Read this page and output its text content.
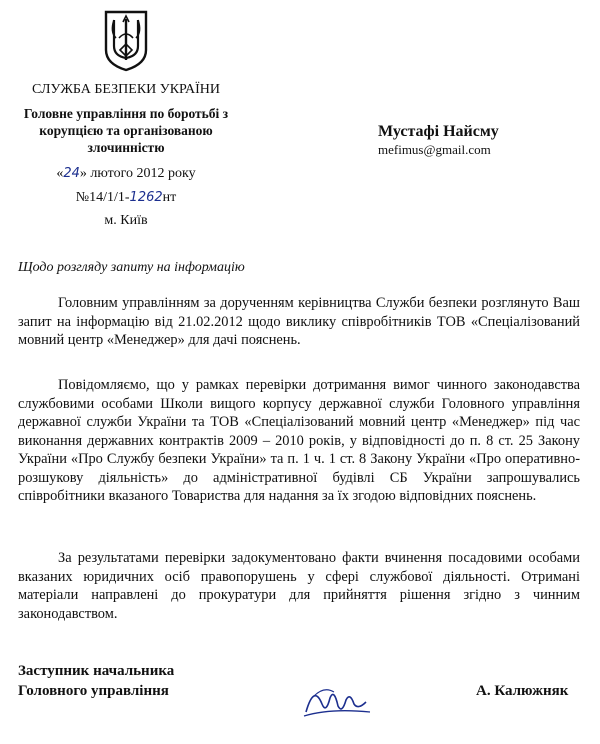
СЛУЖБА БЕЗПЕКИ УКРАЇНИ
Головне управління по боротьбі з
корупцією та організованою
злочинністю
«24» лютого 2012 року
№14/1/1-1262нт
м. Київ
Мустафі Найсму
mefimus@gmail.com
Щодо розгляду запиту на інформацію

Головним управлінням за дорученням керівництва Служби безпеки розглянуто Ваш запит на інформацію від 21.02.2012 щодо виклику співробітників ТОВ «Спеціалізований мовний центр «Менеджер» для дачі пояснень.

Повідомляємо, що у рамках перевірки дотримання вимог чинного законодавства службовими особами Школи вищого корпусу державної служби Головного управління державної служби України та ТОВ «Спеціалізований мовний центр «Менеджер» під час виконання державних контрактів 2009 – 2010 років, у відповідності до п. 8 ст. 25 Закону України «Про Службу безпеки України» та п. 1 ч. 1 ст. 8 Закону України «Про оперативно-розшукову діяльність» до адміністративної будівлі СБ України запрошувались співробітники вказаного Товариства для надання за їх згодою відповідних пояснень.

За результатами перевірки задокументовано факти вчинення посадовими особами вказаних юридичних осіб правопорушень у сфері службової діяльності. Отримані матеріали направлені до прокуратури для прийняття рішення згідно з чинним законодавством.

Заступник начальника
Головного управління	А. Калюжняк
